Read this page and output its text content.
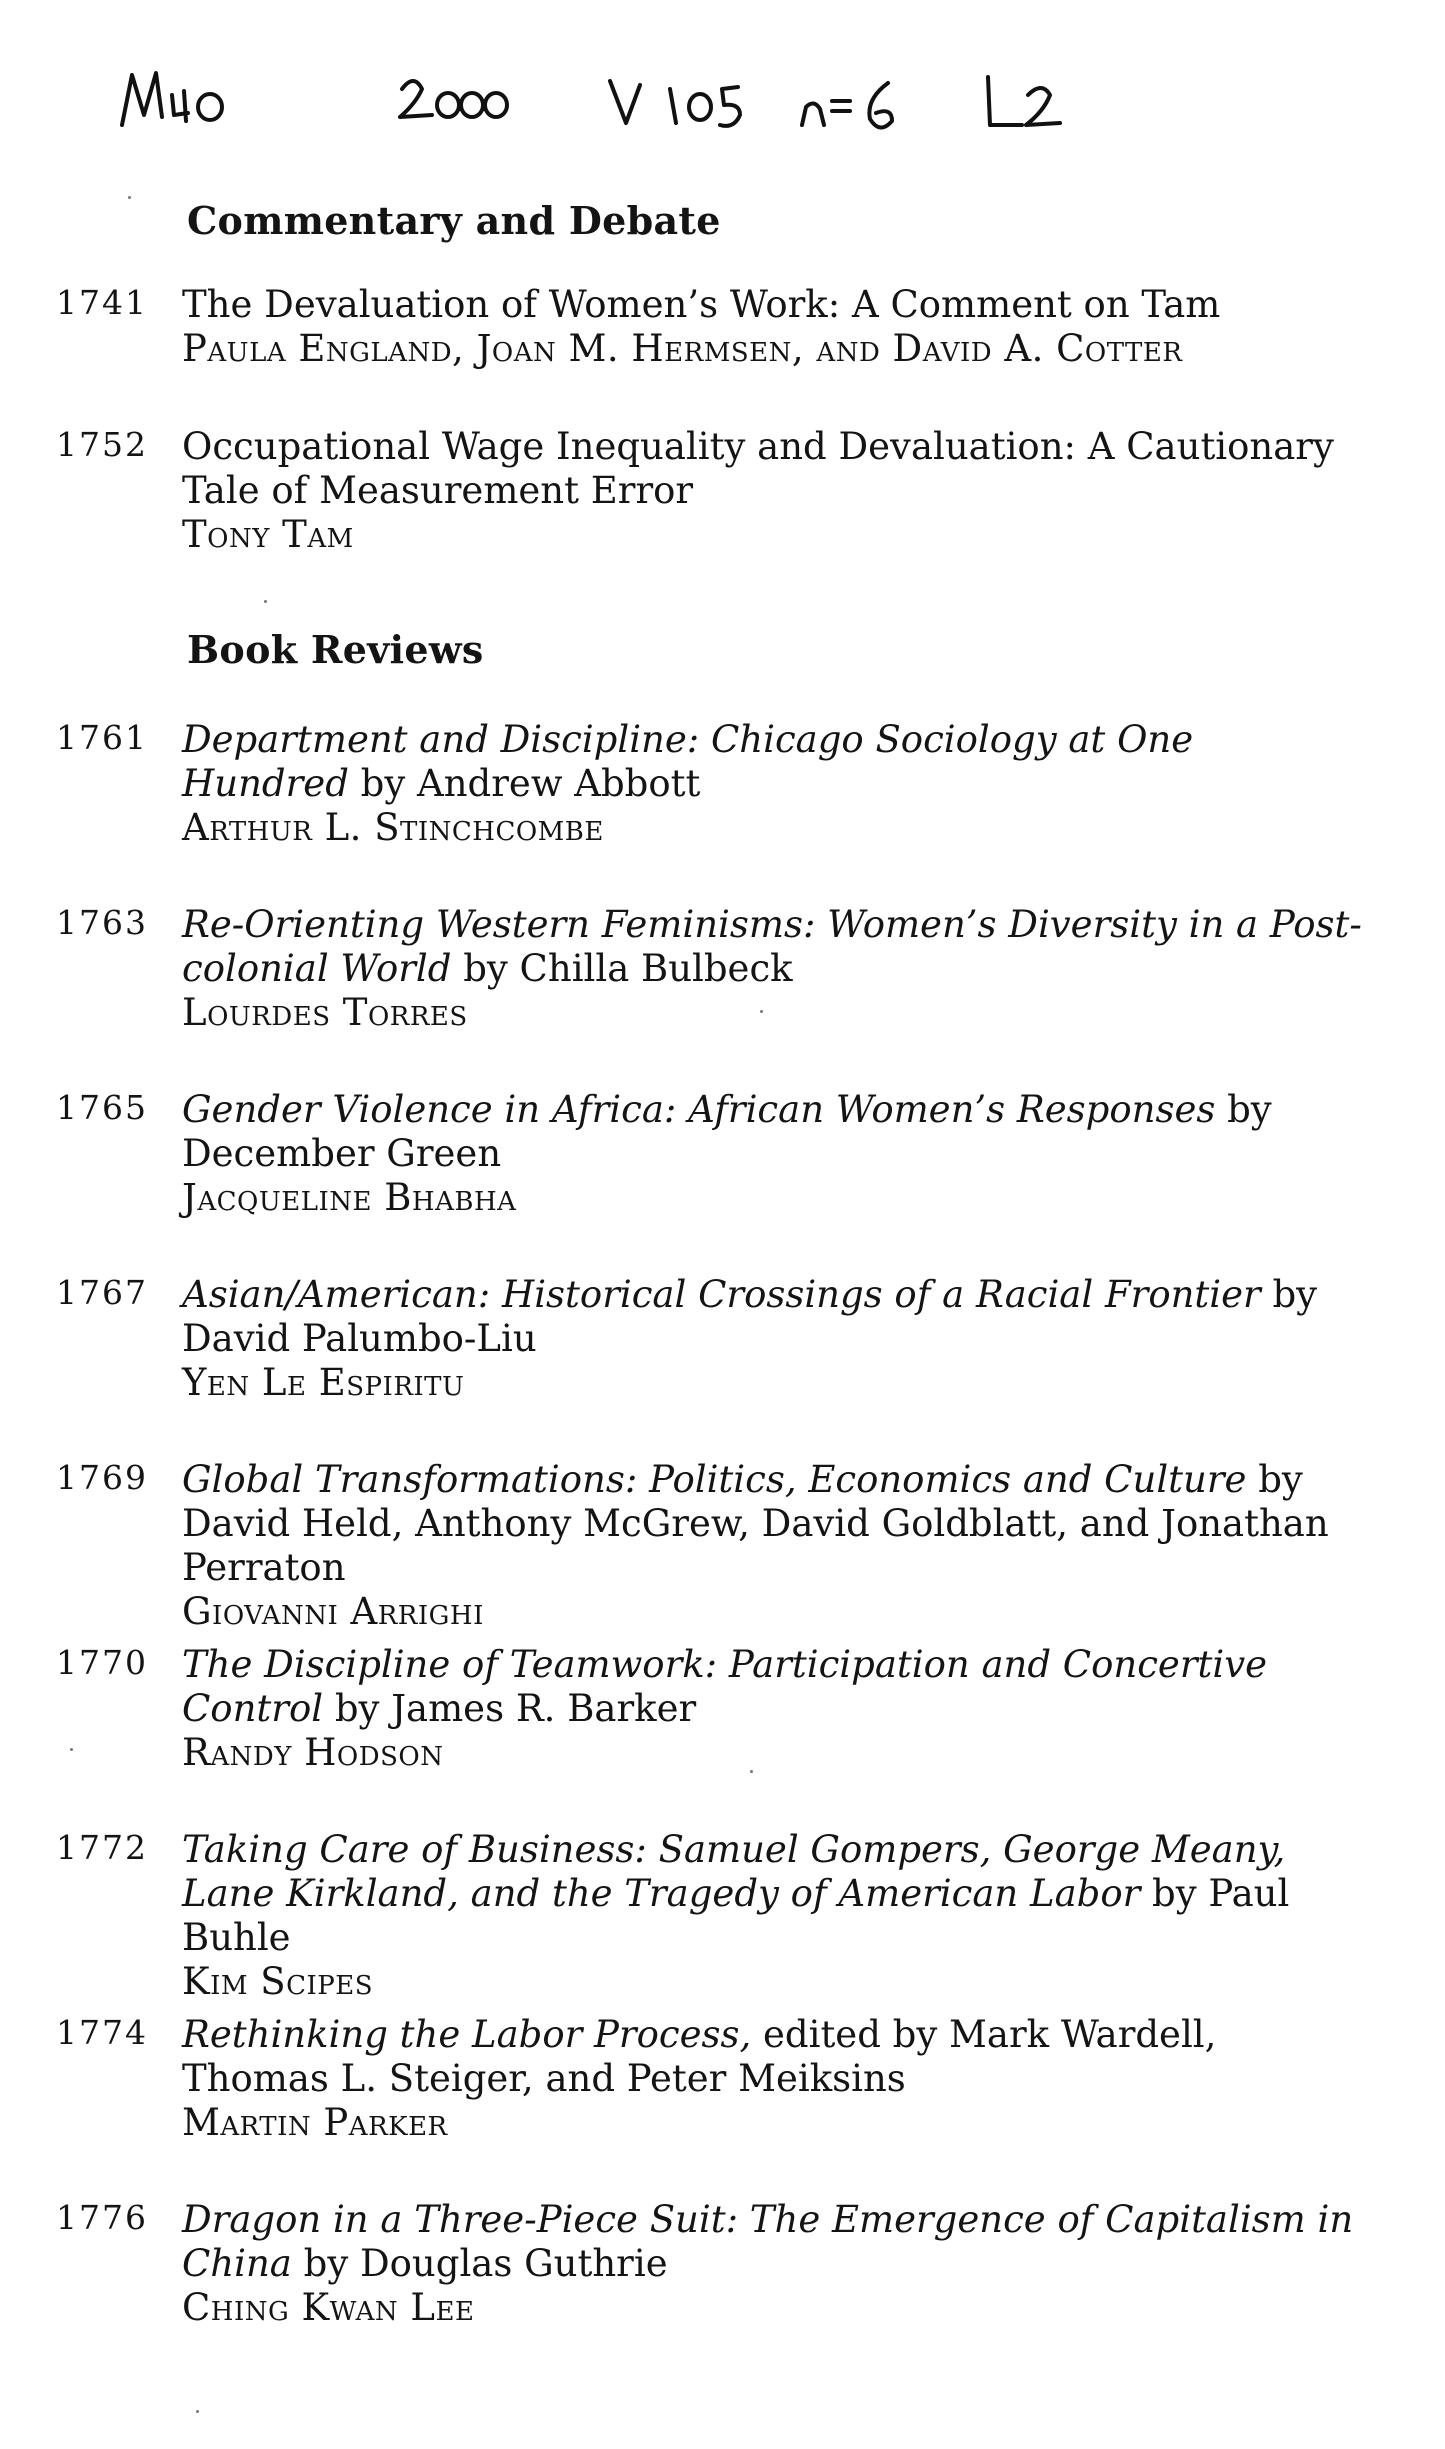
Commentary and Debate
1741 The Devaluation of Women’s Work: A Comment on Tam
Paula England, Joan M. Hermsen, and David A. Cotter
1752 Occupational Wage Inequality and Devaluation: A Cautionary Tale of Measurement Error
Tony Tam
Book Reviews
1761 Department and Discipline: Chicago Sociology at One Hundred by Andrew Abbott
Arthur L. Stinchcombe
1763 Re-Orienting Western Feminisms: Women’s Diversity in a Post-colonial World by Chilla Bulbeck
Lourdes Torres
1765 Gender Violence in Africa: African Women’s Responses by December Green
Jacqueline Bhabha
1767 Asian/American: Historical Crossings of a Racial Frontier by David Palumbo-Liu
Yen Le Espiritu
1769 Global Transformations: Politics, Economics and Culture by David Held, Anthony McGrew, David Goldblatt, and Jonathan Perraton
Giovanni Arrighi
1770 The Discipline of Teamwork: Participation and Concertive Control by James R. Barker
Randy Hodson
1772 Taking Care of Business: Samuel Gompers, George Meany, Lane Kirkland, and the Tragedy of American Labor by Paul Buhle
Kim Scipes
1774 Rethinking the Labor Process, edited by Mark Wardell, Thomas L. Steiger, and Peter Meiksins
Martin Parker
1776 Dragon in a Three-Piece Suit: The Emergence of Capitalism in China by Douglas Guthrie
Ching Kwan Lee
